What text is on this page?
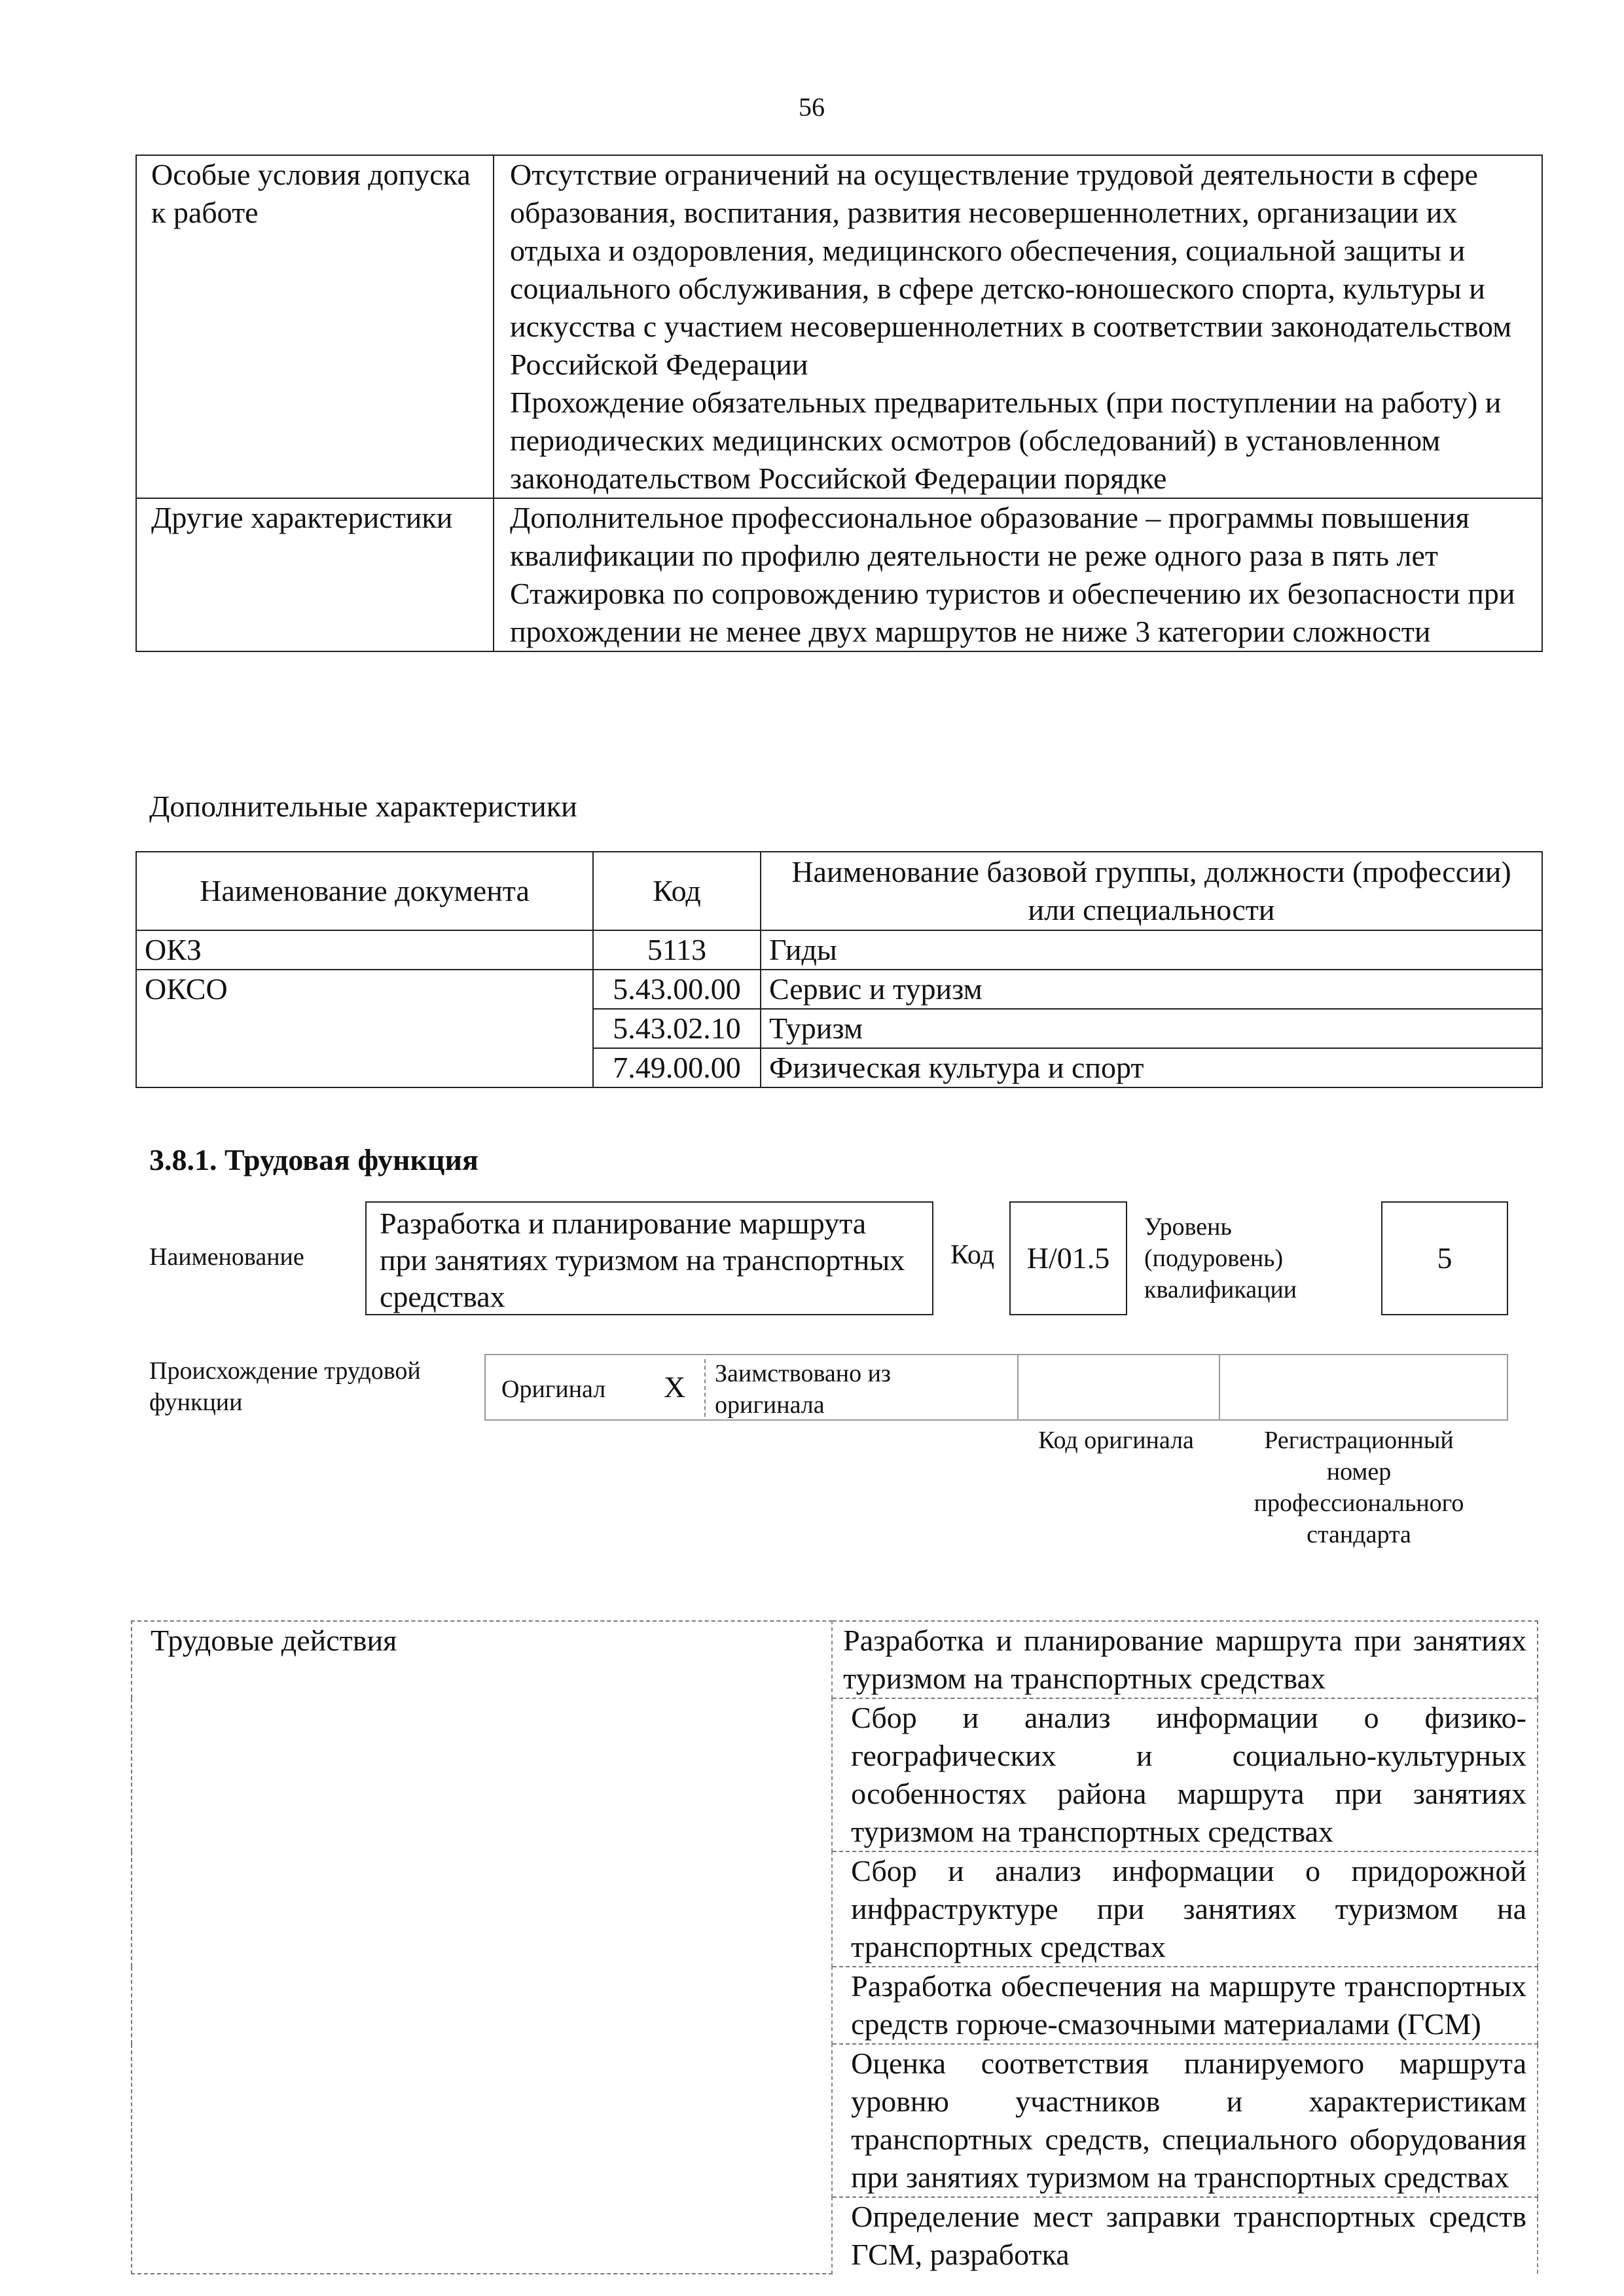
56
Особые условия допуска к работе	Отсутствие ограничений на осуществление трудовой деятельности в сфере образования, воспитания, развития несовершеннолетних, организации их отдыха и оздоровления, медицинского обеспечения, социальной защиты и социального обслуживания, в сфере детско-юношеского спорта, культуры и искусства с участием несовершеннолетних в соответствии законодательством Российской Федерации

Прохождение обязательных предварительных (при поступлении на работу) и периодических медицинских осмотров (обследований) в установленном законодательством Российской Федерации порядке

Другие характеристики	Дополнительное профессиональное образование – программы повышения квалификации по профилю деятельности не реже одного раза в пять лет

Стажировка по сопровождению туристов и обеспечению их безопасности при прохождении не менее двух маршрутов не ниже 3 категории сложности

Дополнительные характеристики
Наименование документа	Код	Наименование базовой группы, должности (профессии) или специальности
ОКЗ	5113	Гиды
ОКСО	5.43.00.00	Сервис и туризм
	5.43.02.10	Туризм
	7.49.00.00	Физическая культура и спорт
3.8.1. Трудовая функция
Наименование
Разработка и планирование маршрута при занятиях туризмом на транспортных средствах
Код	H/01.5
Уровень (подуровень) квалификации
5
Происхождение трудовой функции	Оригинал X Заимствовано из оригинала
Код оригинала	Регистрационный номер профессионального стандарта
Трудовые действия	Разработка и планирование маршрута при занятиях туризмом на транспортных средствах
Сбор и анализ информации о физико-географических и социально-культурных особенностях района маршрута при занятиях туризмом на транспортных средствах
Сбор и анализ информации о придорожной инфраструктуре при занятиях туризмом на транспортных средствах
Разработка обеспечения на маршруте транспортных средств горюче-смазочными материалами (ГСМ)
Оценка соответствия планируемого маршрута уровню участников и характеристикам транспортных средств, специального оборудования при занятиях туризмом на транспортных средствах
Определение мест заправки транспортных средств ГСМ, разработка
